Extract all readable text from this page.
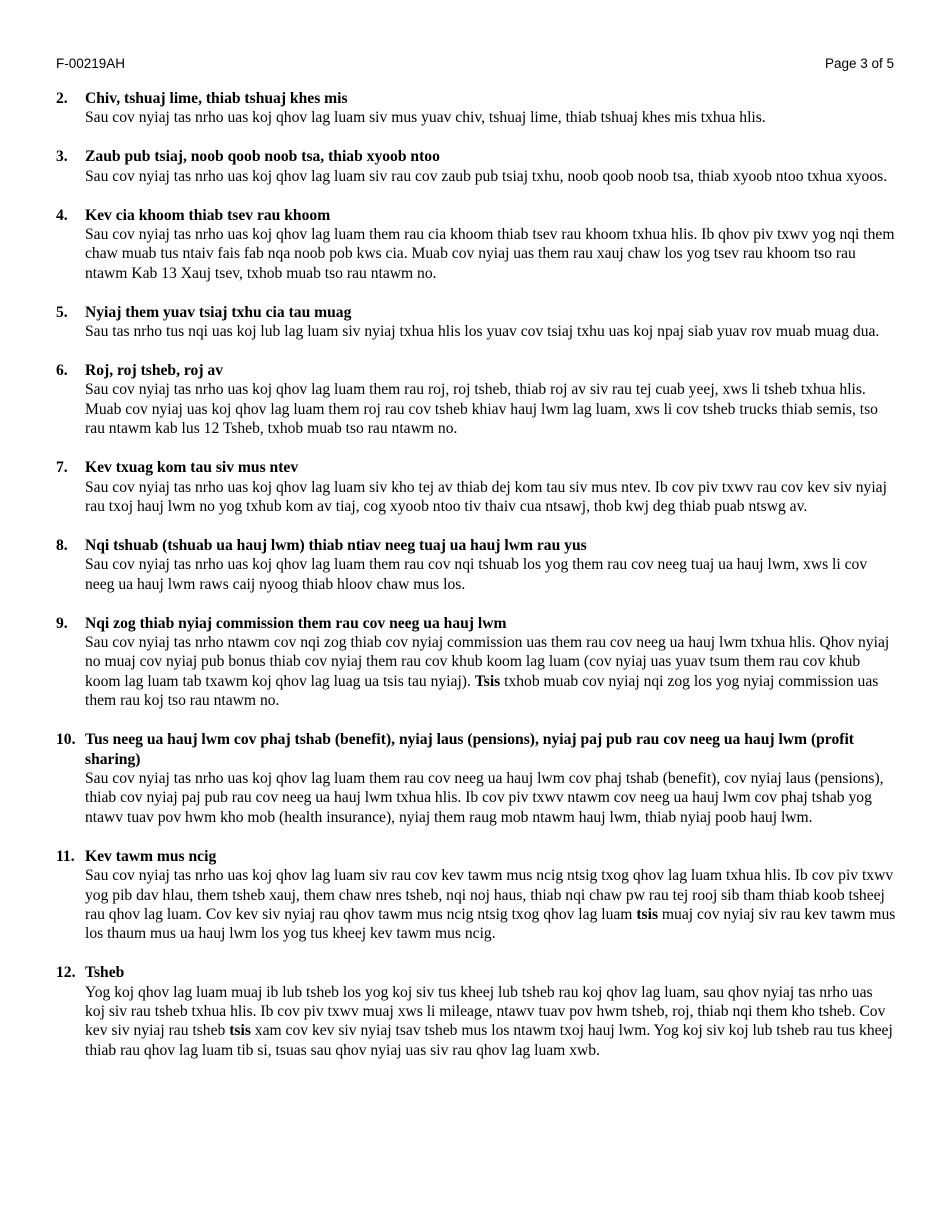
F-00219AH	Page 3 of 5
2. Chiv, tshuaj lime, thiab tshuaj khes mis
Sau cov nyiaj tas nrho uas koj qhov lag luam siv mus yuav chiv, tshuaj lime, thiab tshuaj khes mis txhua hlis.
3. Zaub pub tsiaj, noob qoob noob tsa, thiab xyoob ntoo
Sau cov nyiaj tas nrho uas koj qhov lag luam siv rau cov zaub pub tsiaj txhu, noob qoob noob tsa, thiab xyoob ntoo txhua xyoos.
4. Kev cia khoom thiab tsev rau khoom
Sau cov nyiaj tas nrho uas koj qhov lag luam them rau cia khoom thiab tsev rau khoom txhua hlis. Ib qhov piv txwv yog nqi them chaw muab tus ntaiv fais fab nqa noob pob kws cia. Muab cov nyiaj uas them rau xauj chaw los yog tsev rau khoom tso rau ntawm Kab 13 Xauj tsev, txhob muab tso rau ntawm no.
5. Nyiaj them yuav tsiaj txhu cia tau muag
Sau tas nrho tus nqi uas koj lub lag luam siv nyiaj txhua hlis los yuav cov tsiaj txhu uas koj npaj siab yuav rov muab muag dua.
6. Roj, roj tsheb, roj av
Sau cov nyiaj tas nrho uas koj qhov lag luam them rau roj, roj tsheb, thiab roj av siv rau tej cuab yeej, xws li tsheb txhua hlis. Muab cov nyiaj uas koj qhov lag luam them roj rau cov tsheb khiav hauj lwm lag luam, xws li cov tsheb trucks thiab semis, tso rau ntawm kab lus 12 Tsheb, txhob muab tso rau ntawm no.
7. Kev txuag kom tau siv mus ntev
Sau cov nyiaj tas nrho uas koj qhov lag luam siv kho tej av thiab dej kom tau siv mus ntev. Ib cov piv txwv rau cov kev siv nyiaj rau txoj hauj lwm no yog txhub kom av tiaj, cog xyoob ntoo tiv thaiv cua ntsawj, thob kwj deg thiab puab ntswg av.
8. Nqi tshuab (tshuab ua hauj lwm) thiab ntiav neeg tuaj ua hauj lwm rau yus
Sau cov nyiaj tas nrho uas koj qhov lag luam them rau cov nqi tshuab los yog them rau cov neeg tuaj ua hauj lwm, xws li cov neeg ua hauj lwm raws caij nyoog thiab hloov chaw mus los.
9. Nqi zog thiab nyiaj commission them rau cov neeg ua hauj lwm
Sau cov nyiaj tas nrho ntawm cov nqi zog thiab cov nyiaj commission uas them rau cov neeg ua hauj lwm txhua hlis. Qhov nyiaj no muaj cov nyiaj pub bonus thiab cov nyiaj them rau cov khub koom lag luam (cov nyiaj uas yuav tsum them rau cov khub koom lag luam tab txawm koj qhov lag luag ua tsis tau nyiaj). Tsis txhob muab cov nyiaj nqi zog los yog nyiaj commission uas them rau koj tso rau ntawm no.
10. Tus neeg ua hauj lwm cov phaj tshab (benefit), nyiaj laus (pensions), nyiaj paj pub rau cov neeg ua hauj lwm (profit sharing)
Sau cov nyiaj tas nrho uas koj qhov lag luam them rau cov neeg ua hauj lwm cov phaj tshab (benefit), cov nyiaj laus (pensions), thiab cov nyiaj paj pub rau cov neeg ua hauj lwm txhua hlis. Ib cov piv txwv ntawm cov neeg ua hauj lwm cov phaj tshab yog ntawv tuav pov hwm kho mob (health insurance), nyiaj them raug mob ntawm hauj lwm, thiab nyiaj poob hauj lwm.
11. Kev tawm mus ncig
Sau cov nyiaj tas nrho uas koj qhov lag luam siv rau cov kev tawm mus ncig ntsig txog qhov lag luam txhua hlis. Ib cov piv txwv yog pib dav hlau, them tsheb xauj, them chaw nres tsheb, nqi noj haus, thiab nqi chaw pw rau tej rooj sib tham thiab koob tsheej rau qhov lag luam. Cov kev siv nyiaj rau qhov tawm mus ncig ntsig txog qhov lag luam tsis muaj cov nyiaj siv rau kev tawm mus los thaum mus ua hauj lwm los yog tus kheej kev tawm mus ncig.
12. Tsheb
Yog koj qhov lag luam muaj ib lub tsheb los yog koj siv tus kheej lub tsheb rau koj qhov lag luam, sau qhov nyiaj tas nrho uas koj siv rau tsheb txhua hlis. Ib cov piv txwv muaj xws li mileage, ntawv tuav pov hwm tsheb, roj, thiab nqi them kho tsheb. Cov kev siv nyiaj rau tsheb tsis xam cov kev siv nyiaj tsav tsheb mus los ntawm txoj hauj lwm. Yog koj siv koj lub tsheb rau tus kheej thiab rau qhov lag luam tib si, tsuas sau qhov nyiaj uas siv rau qhov lag luam xwb.
